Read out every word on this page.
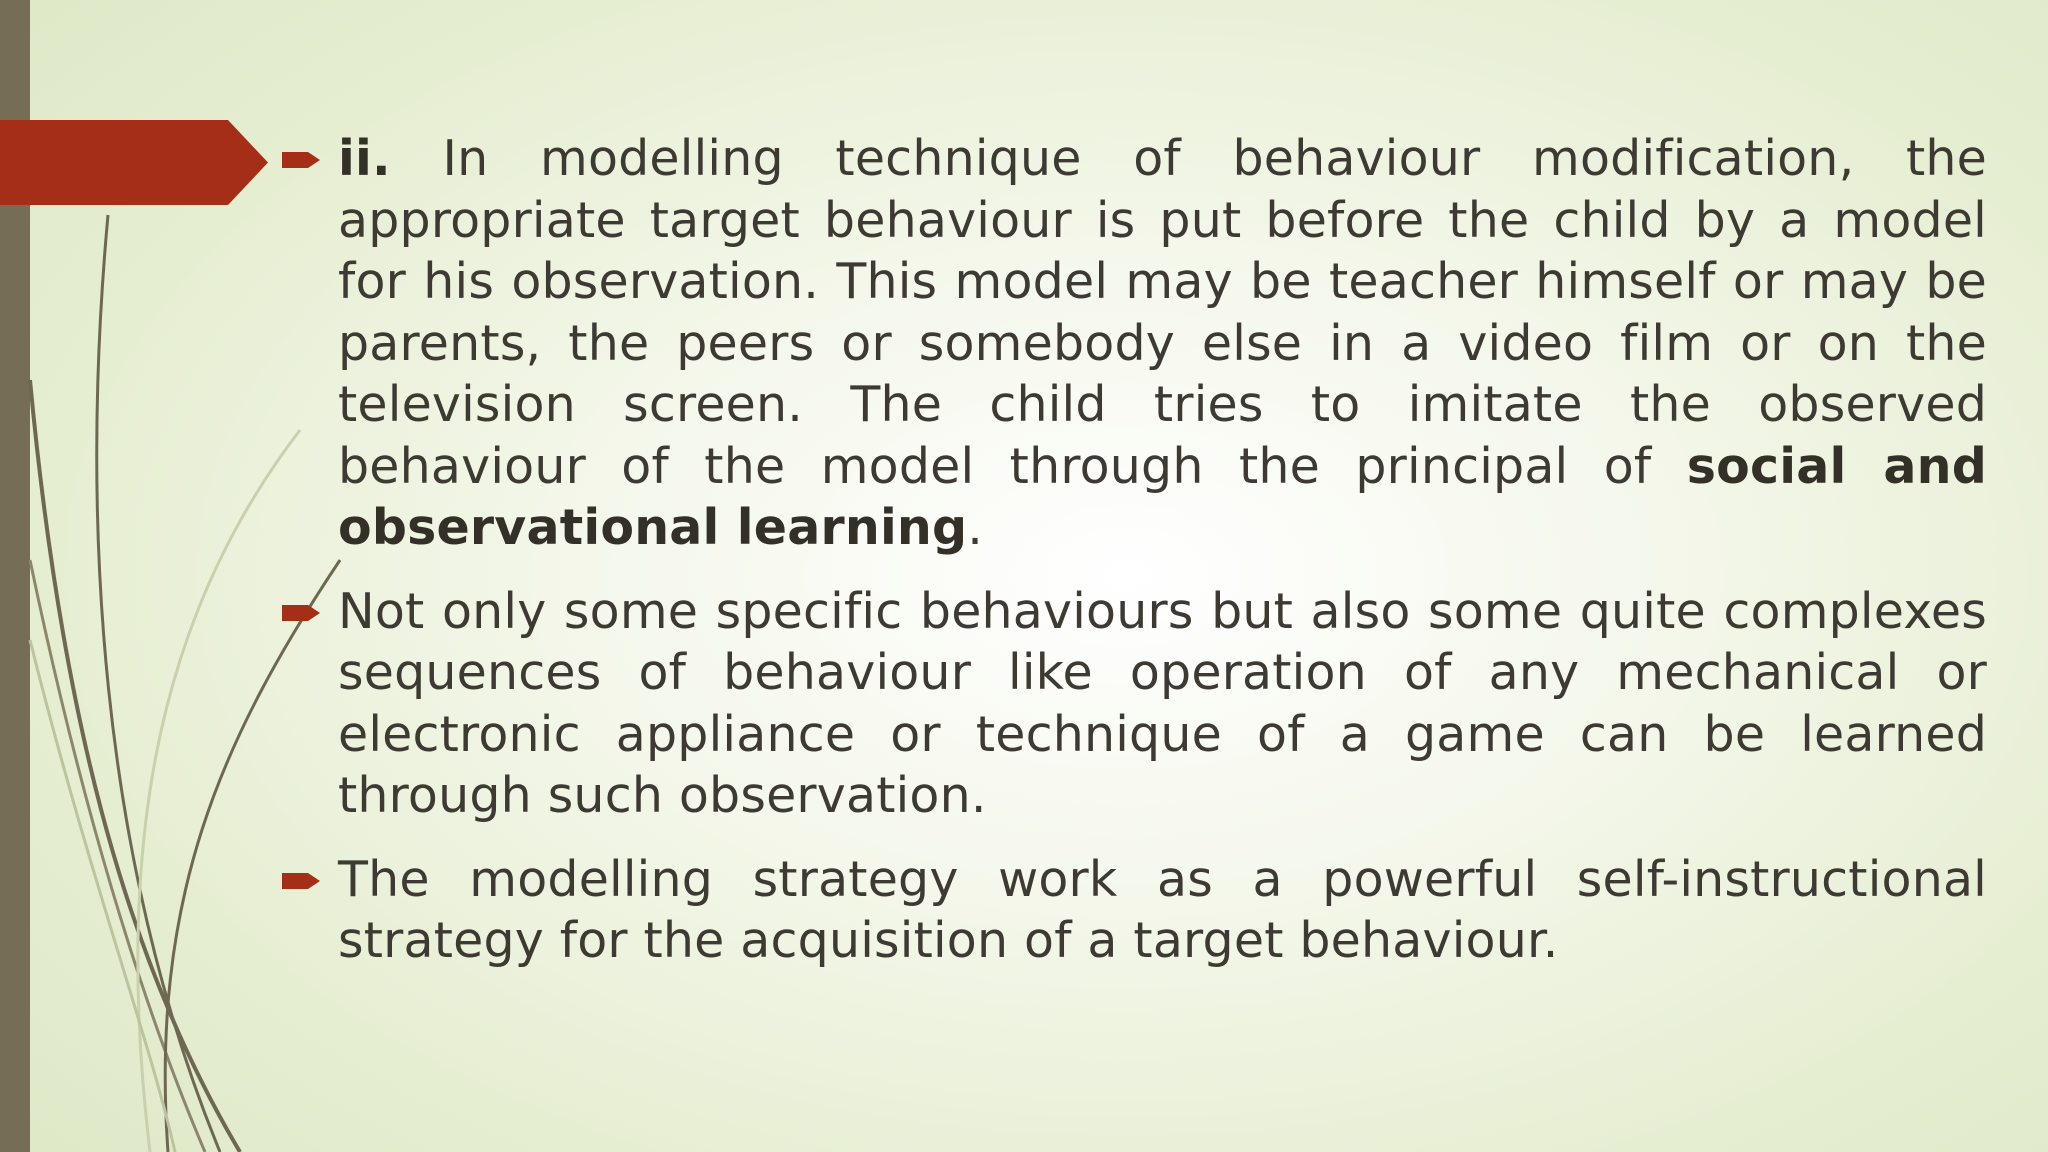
ii. In modelling technique of behaviour modification, the appropriate target behaviour is put before the child by a model for his observation. This model may be teacher himself or may be parents, the peers or somebody else in a video film or on the television screen. The child tries to imitate the observed behaviour of the model through the principal of social and observational learning.
Not only some specific behaviours but also some quite complexes sequences of behaviour like operation of any mechanical or electronic appliance or technique of a game can be learned through such observation.
The modelling strategy work as a powerful self-instructional strategy for the acquisition of a target behaviour.
